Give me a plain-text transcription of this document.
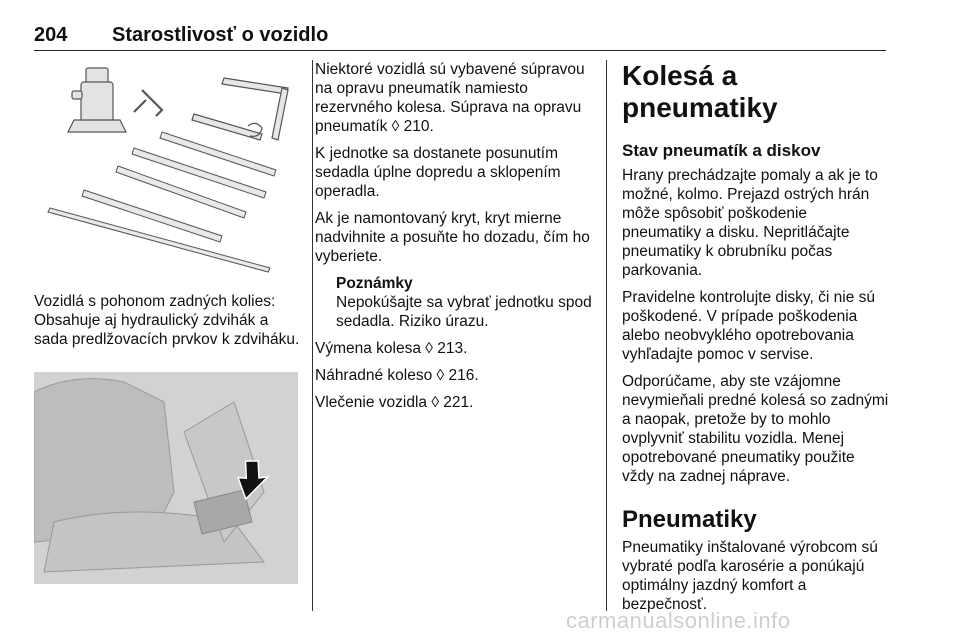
204 Starostlivosť o vozidlo

Vozidlá s pohonom zadných kolies: Obsahuje aj hydraulický zdvihák a sada predlžovacích prvkov k zdviháku.

Niektoré vozidlá sú vybavené súpravou na opravu pneumatík namiesto rezervného kolesa. Súprava na opravu pneumatík ◊ 210.

K jednotke sa dostanete posunutím sedadla úplne dopredu a sklopením operadla.

Ak je namontovaný kryt, kryt mierne nadvihnite a posuňte ho dozadu, čím ho vyberiete.

Poznámky

Nepokúšajte sa vybrať jednotku spod sedadla. Riziko úrazu.

Výmena kolesa ◊ 213.

Náhradné koleso ◊ 216.

Vlečenie vozidla ◊ 221.

Kolesá a pneumatiky
Stav pneumatík a diskov

Hrany prechádzajte pomaly a ak je to možné, kolmo. Prejazd ostrých hrán môže spôsobiť poškodenie pneumatiky a disku. Nepritláčajte pneumatiky k obrubníku počas parkovania.

Pravidelne kontrolujte disky, či nie sú poškodené. V prípade poškodenia alebo neobvyklého opotrebovania vyhľadajte pomoc v servise.

Odporúčame, aby ste vzájomne nevymieňali predné kolesá so zadnými a naopak, pretože by to mohlo ovplyvniť stabilitu vozidla. Menej opotrebované pneumatiky použite vždy na zadnej náprave.

Pneumatiky

Pneumatiky inštalované výrobcom sú vybraté podľa karosérie a ponúkajú optimálny jazdný komfort a bezpečnosť.

carmanualsonline.info
